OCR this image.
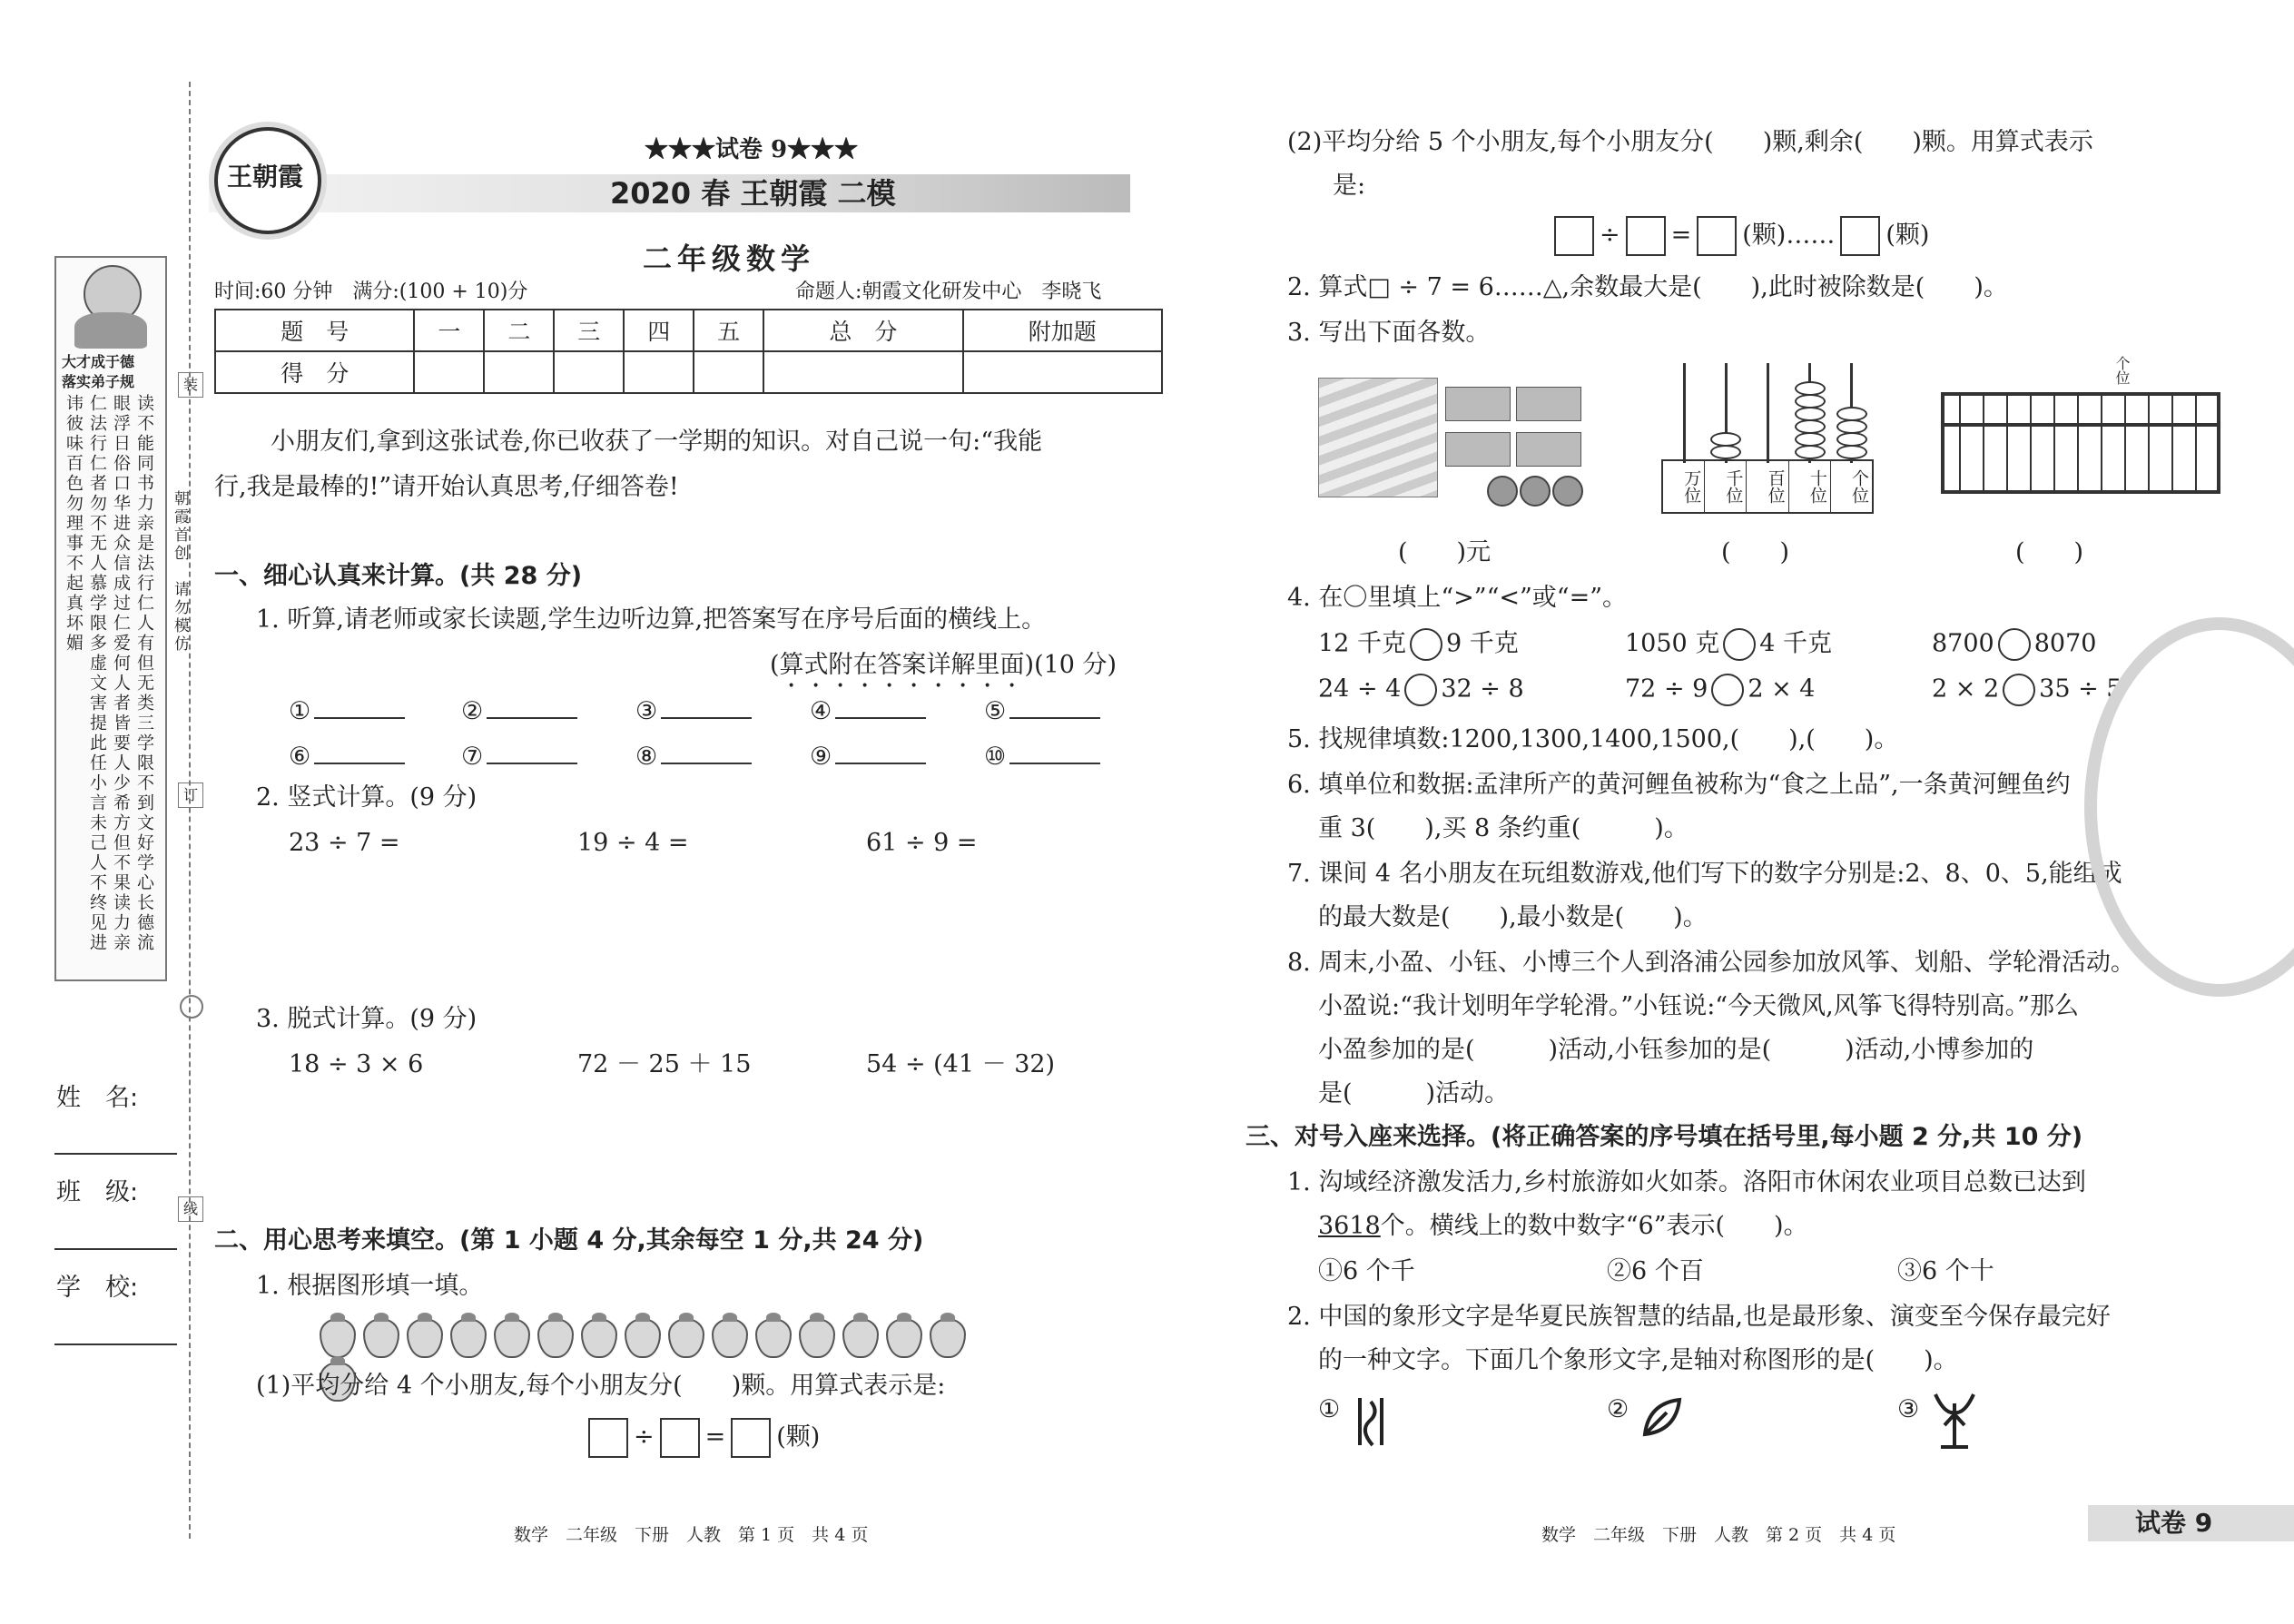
大才成于德
落实弟子规
读不能同书力亲是法行仁人有但无类三学限不到文好学心长德流眼浮日俗口华进众信成过仁爱何人者皆要人少希方但不果读力亲仁法行仁者勿不无人慕学限多虚文害提此任小言未己人不终见进讳彼味百色勿理事不起真坏媚	朝霞首创　请勿模仿
装
订
线
姓　名:
班　级:
学　校:
王朝霞
★★★试卷 9★★★
2020 春 王朝霞 二模
二年级数学
时间:60 分钟　满分:(100 + 10)分	命题人:朝霞文化研发中心　李晓飞
题　号	一	二	三	四	五	总　分	附加题
得　分							
小朋友们,拿到这张试卷,你已收获了一学期的知识。对自己说一句:“我能
行,我是最棒的!”请开始认真思考,仔细答卷!
一、细心认真来计算。(共 28 分)
1. 听算,请老师或家长读题,学生边听边算,把答案写在序号后面的横线上。
(算式附在答案详解里面)(10 分)
①	②	③	④	⑤
⑥	⑦	⑧	⑨	⑩
2. 竖式计算。(9 分)
23 ÷ 7 =	19 ÷ 4 =	61 ÷ 9 =
3. 脱式计算。(9 分)
18 ÷ 3 × 6	72 － 25 ＋ 15	54 ÷ (41 － 32)
二、用心思考来填空。(第 1 小题 4 分,其余每空 1 分,共 24 分)
1. 根据图形填一填。
(1)平均分给 4 个小朋友,每个小朋友分(　　)颗。用算式表示是:
÷ = (颗)
数学　二年级　下册　人教　第 1 页　共 4 页
(2)平均分给 5 个小朋友,每个小朋友分(　　)颗,剩余(　　)颗。用算式表示
是:
÷ = (颗)…… (颗)
2. 算式□ ÷ 7 = 6……△,余数最大是(　　),此时被除数是(　　)。
3. 写出下面各数。
万位	千位	百位	十位	个位
个位
(　　)元	(　　)	(　　)
4. 在〇里填上“>”“<”或“=”。
12 千克 9 千克	1050 克 4 千克	8700 8070
24 ÷ 4 32 ÷ 8	72 ÷ 9 2 × 4	2 × 2 35 ÷ 5
5. 找规律填数:1200,1300,1400,1500,(　　),(　　)。
6. 填单位和数据:孟津所产的黄河鲤鱼被称为“食之上品”,一条黄河鲤鱼约
重 3(　　),买 8 条约重(　　　)。
7. 课间 4 名小朋友在玩组数游戏,他们写下的数字分别是:2、8、0、5,能组成
的最大数是(　　),最小数是(　　)。
8. 周末,小盈、小钰、小博三个人到洛浦公园参加放风筝、划船、学轮滑活动。
小盈说:“我计划明年学轮滑。”小钰说:“今天微风,风筝飞得特别高。”那么
小盈参加的是(　　　)活动,小钰参加的是(　　　)活动,小博参加的
是(　　　)活动。
三、对号入座来选择。(将正确答案的序号填在括号里,每小题 2 分,共 10 分)
1. 沟域经济激发活力,乡村旅游如火如荼。洛阳市休闲农业项目总数已达到
3618个。横线上的数中数字“6”表示(　　)。
①6 个千	②6 个百	③6 个十
2. 中国的象形文字是华夏民族智慧的结晶,也是最形象、演变至今保存最完好
的一种文字。下面几个象形文字,是轴对称图形的是(　　)。
①	②	③
数学　二年级　下册　人教　第 2 页　共 4 页	试卷 9
